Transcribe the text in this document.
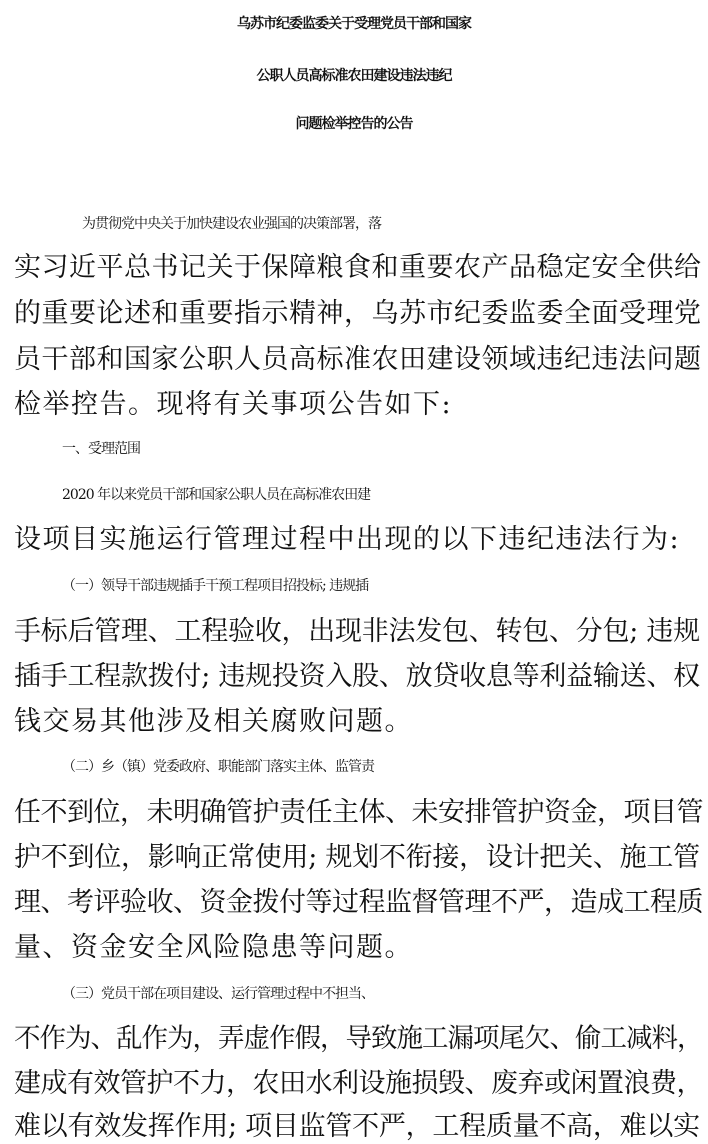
乌苏市纪委监委关于受理党员干部和国家
公职人员高标准农田建设违法违纪
问题检举控告的公告
为贯彻党中央关于加快建设农业强国的决策部署，落
实习近平总书记关于保障粮食和重要农产品稳定安全供给
的重要论述和重要指示精神，乌苏市纪委监委全面受理党
员干部和国家公职人员高标准农田建设领域违纪违法问题
检举控告。现将有关事项公告如下:
一、受理范围
2020 年以来党员干部和国家公职人员在高标准农田建
设项目实施运行管理过程中出现的以下违纪违法行为:
（一）领导干部违规插手干预工程项目招投标; 违规插
手标后管理、工程验收，出现非法发包、转包、分包; 违规
插手工程款拨付; 违规投资入股、放贷收息等利益输送、权
钱交易其他涉及相关腐败问题。
（二）乡（镇）党委政府、职能部门落实主体、监管责
任不到位，未明确管护责任主体、未安排管护资金，项目管
护不到位，影响正常使用; 规划不衔接，设计把关、施工管
理、考评验收、资金拨付等过程监督管理不严，造成工程质
量、资金安全风险隐患等问题。
（三）党员干部在项目建设、运行管理过程中不担当、
不作为、乱作为，弄虚作假，导致施工漏项尾欠、偷工减料，
建成有效管护不力，农田水利设施损毁、废弃或闲置浪费，
难以有效发挥作用; 项目监管不严，工程质量不高，难以实
